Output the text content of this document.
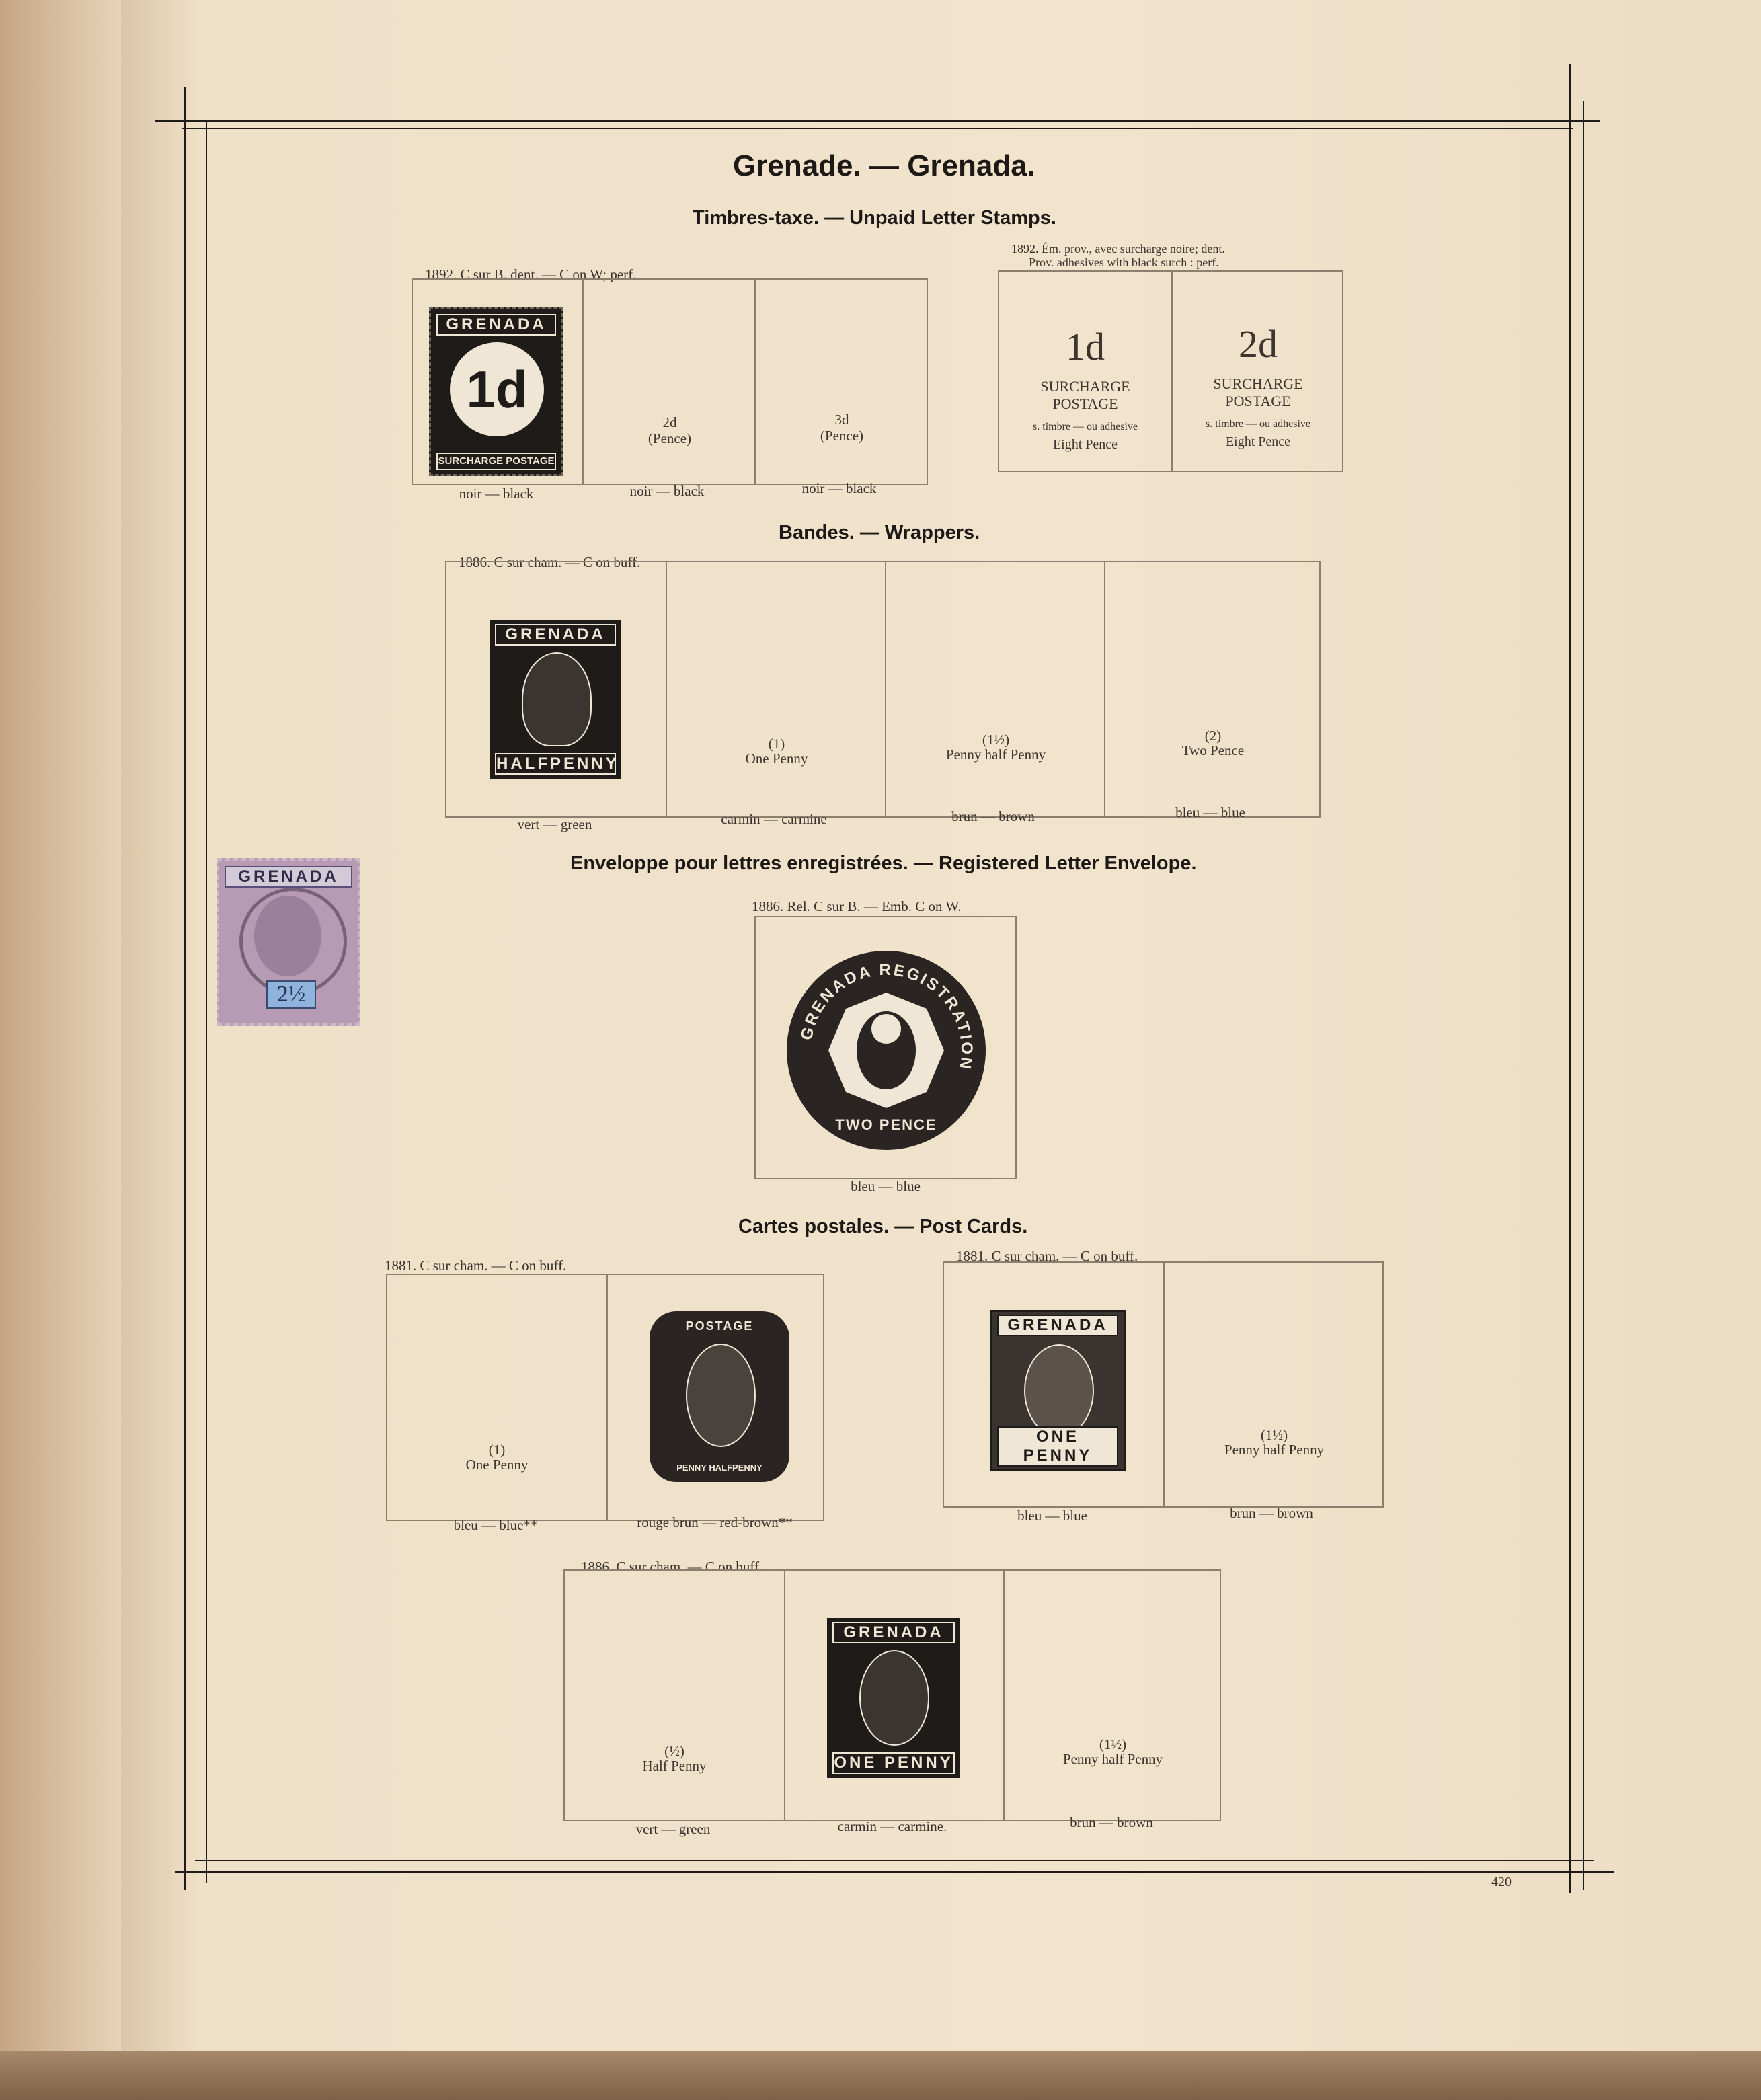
Grenade. — Grenada.
Timbres-taxe. — Unpaid Letter Stamps.
1892. C sur B. dent. — C on W; perf.
1892. Ém. prov., avec surcharge noire; dent.
Prov. adhesives with black surch : perf.
GRENADA
1d
SURCHARGE POSTAGE
2d
(Pence)
3d
(Pence)
noir — black	noir — black	noir — black
1d
SURCHARGE
POSTAGE
s. timbre — ou adhesive
Eight Pence
2d
SURCHARGE
POSTAGE
s. timbre — ou adhesive
Eight Pence
Bandes. — Wrappers.
1886. C sur cham. — C on buff.
GRENADA
HALFPENNY
(1)
One Penny
(1½)
Penny half Penny
(2)
Two Pence
vert — green	carmin — carmine	brun — brown	bleu — blue
GRENADA
2½
Enveloppe pour lettres enregistrées. — Registered Letter Envelope.
1886. Rel. C sur B. — Emb. C on W.
GRENADA REGISTRATION
TWO PENCE
bleu — blue
Cartes postales. — Post Cards.
1881. C sur cham. — C on buff.
1881. C sur cham. — C on buff.
(1)
One Penny
POSTAGE
PENNY HALFPENNY
bleu — blue**	rouge brun — red-brown**
GRENADA
ONE PENNY
(1½)
Penny half Penny
bleu — blue	brun — brown
1886. C sur cham. — C on buff.
(½)
Half Penny
GRENADA
ONE PENNY
(1½)
Penny half Penny
vert — green	carmin — carmine.	brun — brown
420
